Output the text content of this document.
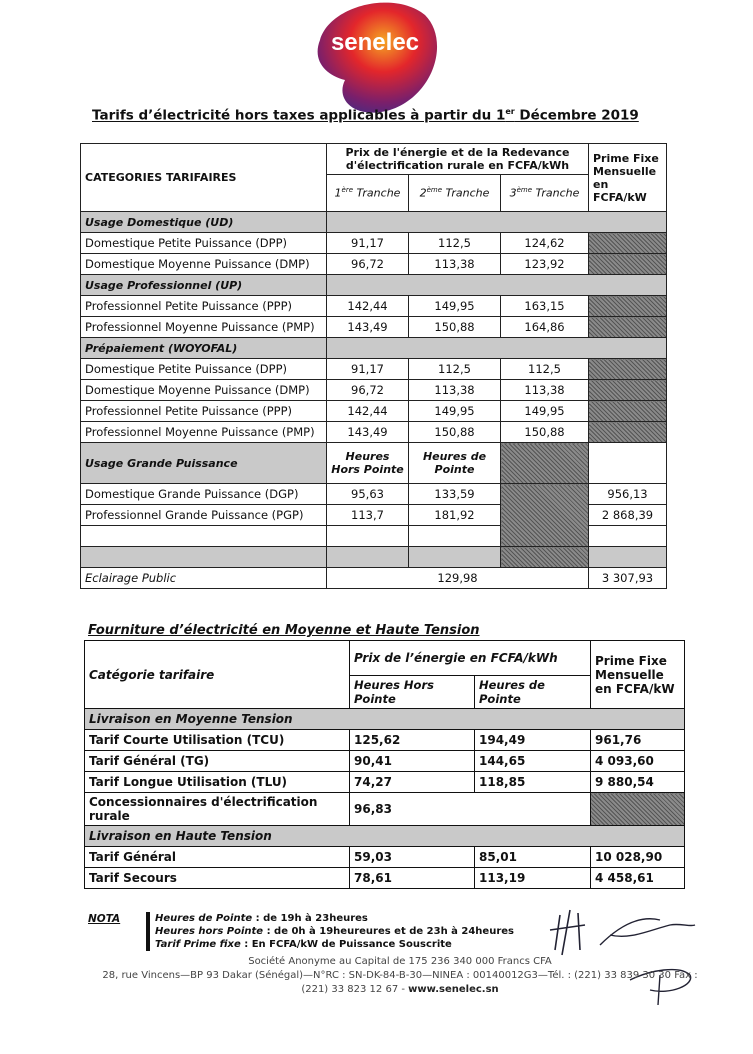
senelec
Tarifs d’électricité hors taxes applicables à partir du 1er Décembre 2019
CATEGORIES TARIFAIRES	Prix de l'énergie et de la Redevance d'électrification rurale en FCFA/kWh			Prime Fixe Mensuelle en FCFA/kW
	1ère Tranche	2ème Tranche	3ème Tranche	
Usage Domestique (UD)				
Domestique Petite Puissance (DPP)	91,17	112,5	124,62	
Domestique Moyenne Puissance (DMP)	96,72	113,38	123,92	
Usage Professionnel (UP)				
Professionnel Petite Puissance (PPP)	142,44	149,95	163,15	
Professionnel Moyenne Puissance (PMP)	143,49	150,88	164,86	
Prépaiement (WOYOFAL)				
Domestique Petite Puissance (DPP)	91,17	112,5	112,5	
Domestique Moyenne Puissance (DMP)	96,72	113,38	113,38	
Professionnel Petite Puissance (PPP)	142,44	149,95	149,95	
Professionnel Moyenne Puissance (PMP)	143,49	150,88	150,88	
Usage Grande Puissance	Heures Hors Pointe	Heures de Pointe		
Domestique Grande Puissance (DGP)	95,63	133,59		956,13
Professionnel Grande Puissance (PGP)	113,7	181,92		2 868,39

Eclairage Public	129,98			3 307,93
Fourniture d’électricité en Moyenne et Haute Tension
Catégorie tarifaire	Prix de l’énergie en FCFA/kWh		Prime Fixe Mensuelle en FCFA/kW
	Heures Hors Pointe	Heures de Pointe	
Livraison en Moyenne Tension			
Tarif Courte Utilisation (TCU)	125,62	194,49	961,76
Tarif Général (TG)	90,41	144,65	4 093,60
Tarif Longue Utilisation (TLU)	74,27	118,85	9 880,54
Concessionnaires d'électrification rurale	96,83		
Livraison en Haute Tension			
Tarif Général	59,03	85,01	10 028,90
Tarif Secours	78,61	113,19	4 458,61
NOTA	Heures de Pointe : de 19h à 23heures
Heures hors Pointe : de 0h à 19heureures et de 23h à 24heures
Tarif Prime fixe : En FCFA/kW de Puissance Souscrite
Société Anonyme au Capital de 175 236 340 000 Francs CFA
28, rue Vincens—BP 93 Dakar (Sénégal)—N°RC : SN-DK-84-B-30—NINEA : 00140012G3—Tél. : (221) 33 839 30 30 Fax :
(221) 33 823 12 67 - www.senelec.sn
